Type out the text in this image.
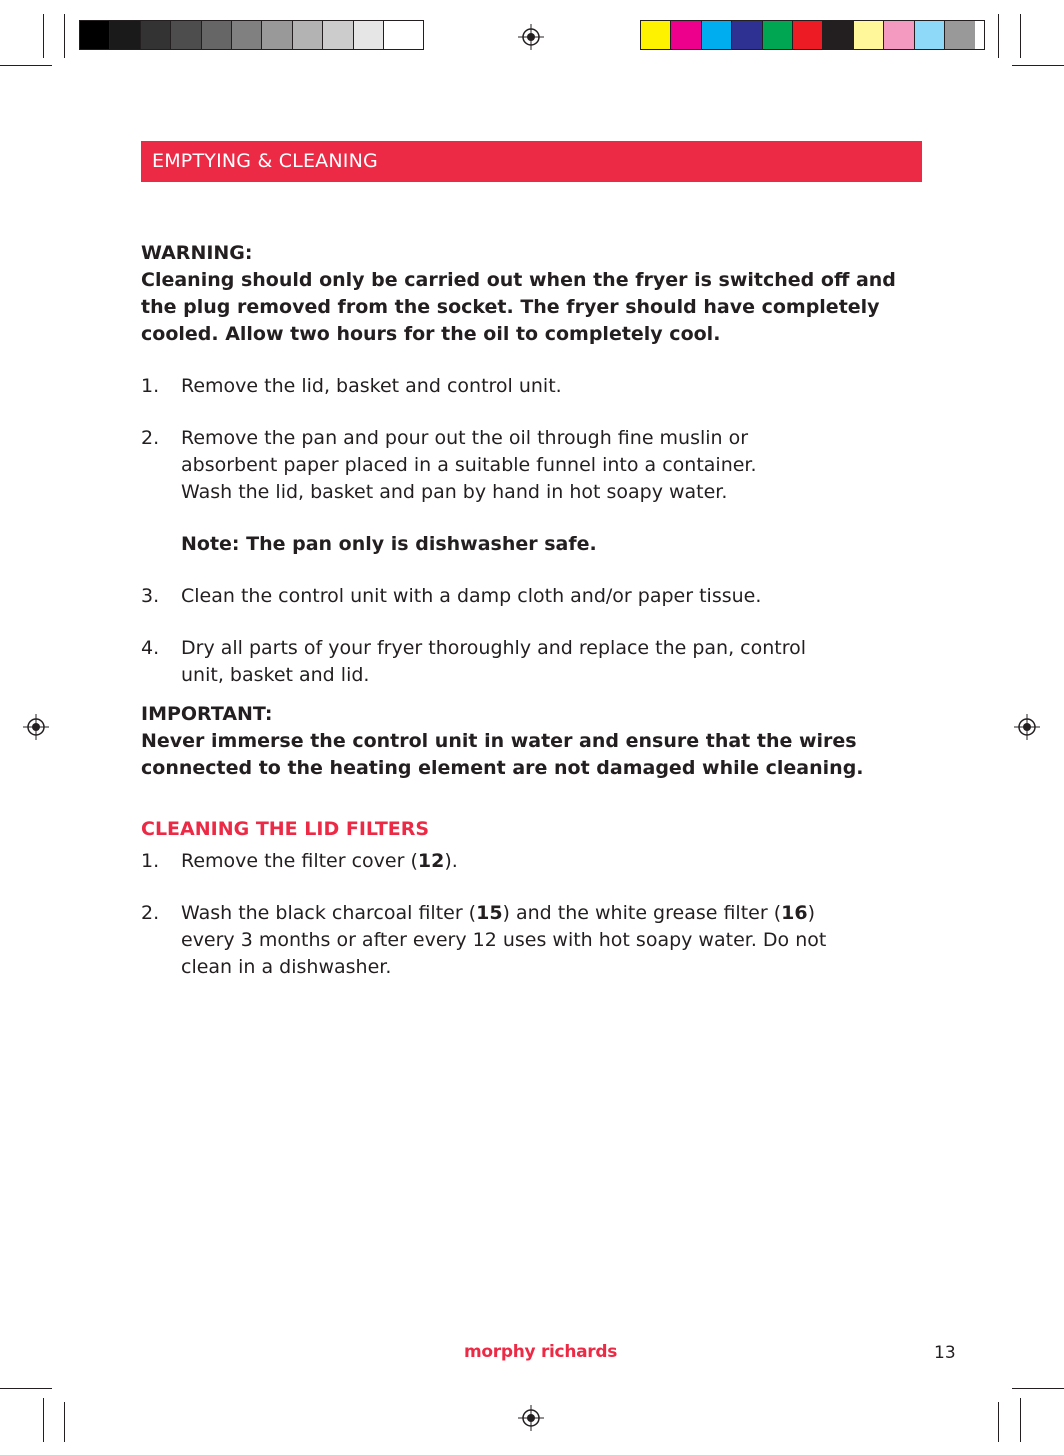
EMPTYING & CLEANING
WARNING:
Cleaning should only be carried out when the fryer is switched off and the plug removed from the socket. The fryer should have completely cooled. Allow two hours for the oil to completely cool.
1. Remove the lid, basket and control unit.
2. Remove the pan and pour out the oil through fine muslin or
absorbent paper placed in a suitable funnel into a container.
Wash the lid, basket and pan by hand in hot soapy water.
Note: The pan only is dishwasher safe.
3. Clean the control unit with a damp cloth and/or paper tissue.
4. Dry all parts of your fryer thoroughly and replace the pan, control
unit, basket and lid.
IMPORTANT:
Never immerse the control unit in water and ensure that the wires
connected to the heating element are not damaged while cleaning.
CLEANING THE LID FILTERS
1. Remove the filter cover (12).
2. Wash the black charcoal filter (15) and the white grease filter (16)
every 3 months or after every 12 uses with hot soapy water. Do not
clean in a dishwasher.
morphy richards	13
